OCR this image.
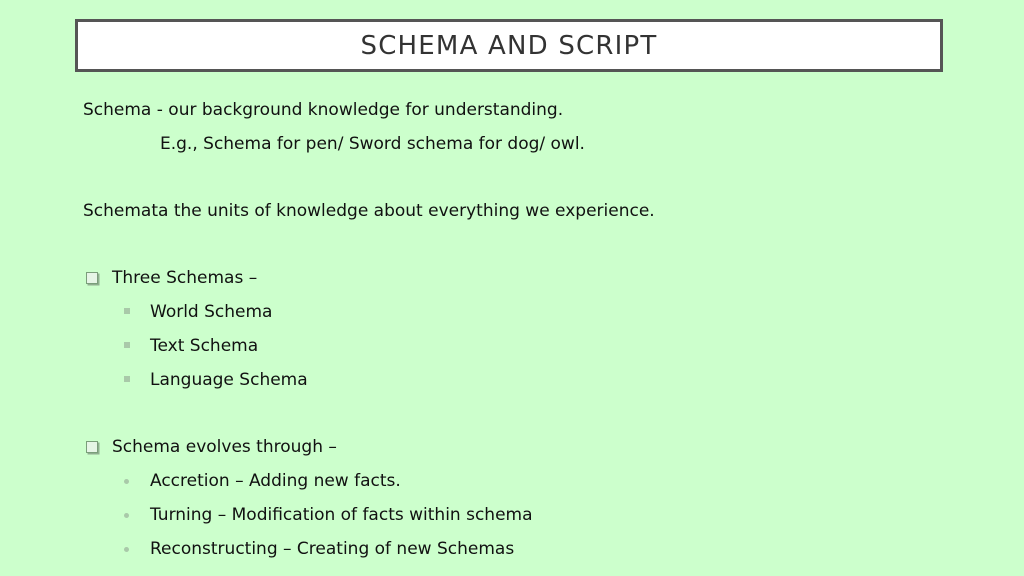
SCHEMA AND SCRIPT
Schema - our background knowledge for understanding.
E.g., Schema for pen/ Sword schema for dog/ owl.
Schemata the units of knowledge about everything we experience.
Three Schemas –
World Schema
Text Schema
Language Schema
Schema evolves through –
Accretion – Adding new facts.
Turning – Modification of facts within schema
Reconstructing – Creating of new Schemas
